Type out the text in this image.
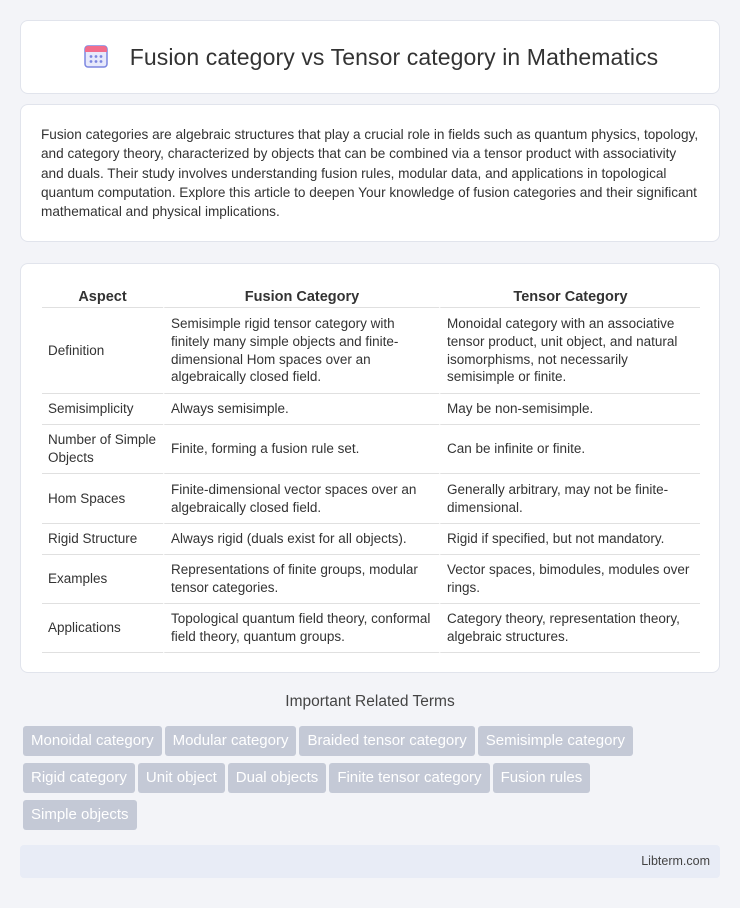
Fusion category vs Tensor category in Mathematics

Fusion categories are algebraic structures that play a crucial role in fields such as quantum physics, topology, and category theory, characterized by objects that can be combined via a tensor product with associativity and duals. Their study involves understanding fusion rules, modular data, and applications in topological quantum computation. Explore this article to deepen Your knowledge of fusion categories and their significant mathematical and physical implications.

Aspect	Fusion Category	Tensor Category
Definition	Semisimple rigid tensor category with finitely many simple objects and finite-dimensional Hom spaces over an algebraically closed field.	Monoidal category with an associative tensor product, unit object, and natural isomorphisms, not necessarily semisimple or finite.
Semisimplicity	Always semisimple.	May be non-semisimple.
Number of Simple Objects	Finite, forming a fusion rule set.	Can be infinite or finite.
Hom Spaces	Finite-dimensional vector spaces over an algebraically closed field.	Generally arbitrary, may not be finite-dimensional.
Rigid Structure	Always rigid (duals exist for all objects).	Rigid if specified, but not mandatory.
Examples	Representations of finite groups, modular tensor categories.	Vector spaces, bimodules, modules over rings.
Applications	Topological quantum field theory, conformal field theory, quantum groups.	Category theory, representation theory, algebraic structures.
Important Related Terms
Monoidal category Modular category Braided tensor category Semisimple categoryRigid category Unit object Dual objects Finite tensor category Fusion rulesSimple objects
Libterm.com
